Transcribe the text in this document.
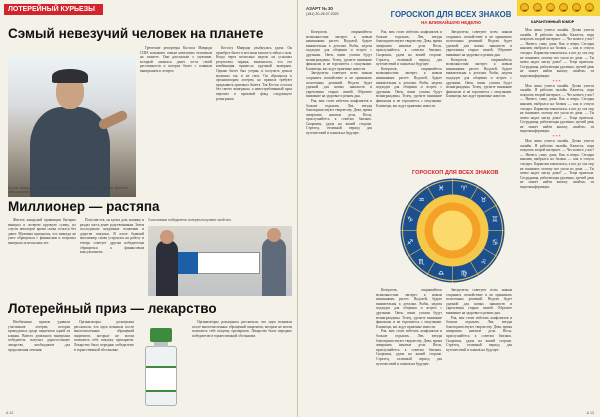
ЛОТЕРЕЙНЫЙ КУРЬЕЗЫ
Сэмый невезучий человек на планете

Греческие репортеры Костаса Мавроди США называют самым невезучим человеком на планете. Они рассказали о мужчине, который лишился денег из-за своей рассеянности и потерял билет с главным выигрышем в лотерее.

Костасу Мавроди улыбнулась удача. Он приобрел билет в местном киоске и забыл о нем. Когда через несколько недель он услышал результаты тиража, выяснилось, что его комбинация принесла крупный выигрыш. Однако билет был утерян, и получить деньги мужчина так и не смог. Он обращался к организаторам лотереи, но правила требуют предъявить оригинал билета. Так Костас остался без своего выигрыша, а невостребованный приз перешел в призовой фонд следующего розыгрыша.

Костас Мавроди признавался в интервью, что до сих пор не может простить себе рассеянность.
Миллионер — растяпа

Житель канадской провинции Онтарио выиграл в лотерею крупную сумму, но спустя некоторое время снова остался без денег. Мужчина признался, что никогда не умел обращаться с финансами и потратил выигрыш за несколько лет.

Получив чек, он купил дом, машину и раздал часть денег родственникам. Затем последовали неудачные вложения и дорогие покупки. В итоге бывший миллионер снова устроился на работу и теперь советует другим победителям обращаться к финансовым консультантам.

Счастливые победители лотереи получают свой чек.
Лотерейный приз — лекарство

Необычным призом удивили участников лотереи, которая проводилась среди пациентов одной из клиник. Вместо денежного выигрыша победитель получил дорогостоящее лекарство, необходимое для продолжения лечения.

Организаторы розыгрыша рассказали, что идея возникла после многочисленных обращений пациентов, которые не могли позволить себе покупку препаратов. Лекарство было передано победителю в торжественной обстановке.

Организаторы розыгрыша рассказали, что идея возникла после многочисленных обращений пациентов, которые не могли позволить себе покупку препаратов. Лекарство было передано победителю в торжественной обстановке.

А 12
АЗАРТ № 30
(181) 20-26.07.2020	ГОРОСКОП ДЛЯ ВСЕХ ЗНАКОВ
НА БЛИЖАЙШУЮ НЕДЕЛЮ

Козерогов, открывайтесь возможностям: интерес к новым начинаниям растет. Водолей, будьте внимательны к деталям. Рыбы, неделя подходит для общения и встреч с друзьями. Овен, ваши усилия будут вознаграждены. Телец, уделите внимание финансам и не торопитесь с покупками. Близнецы, вас ждут приятные новости.

Звездочеты советуют всем знакам сохранять спокойствие и не принимать поспешных решений. Неделя будет удачной для новых знакомств и укрепления старых связей. Обратите внимание на здоровье и режим дня.

Рак, вам стоит избегать конфликтов и больше отдыхать. Лев, звезды благоприятствуют творчеству. Дева, время завершить начатые дела. Весы, прислушайтесь к советам близких. Скорпион, удача на вашей стороне. Стрелец, отличный период для путешествий и планов на будущее.

Рак, вам стоит избегать конфликтов и больше отдыхать. Лев, звезды благоприятствуют творчеству. Дева, время завершить начатые дела. Весы, прислушайтесь к советам близких. Скорпион, удача на вашей стороне. Стрелец, отличный период для путешествий и планов на будущее.

Козерогов, открывайтесь возможностям: интерес к новым начинаниям растет. Водолей, будьте внимательны к деталям. Рыбы, неделя подходит для общения и встреч с друзьями. Овен, ваши усилия будут вознаграждены. Телец, уделите внимание финансам и не торопитесь с покупками. Близнецы, вас ждут приятные новости.

Звездочеты советуют всем знакам сохранять спокойствие и не принимать поспешных решений. Неделя будет удачной для новых знакомств и укрепления старых связей. Обратите внимание на здоровье и режим дня.

Козерогов, открывайтесь возможностям: интерес к новым начинаниям растет. Водолей, будьте внимательны к деталям. Рыбы, неделя подходит для общения и встреч с друзьями. Овен, ваши усилия будут вознаграждены. Телец, уделите внимание финансам и не торопитесь с покупками. Близнецы, вас ждут приятные новости.

ГОРОСКОП ДЛЯ ВСЕХ ЗНАКОВ
♈
♉
♊
♋
♌
♍
♎
♏
♐
♑
♒
♓

Козерогов, открывайтесь возможностям: интерес к новым начинаниям растет. Водолей, будьте внимательны к деталям. Рыбы, неделя подходит для общения и встреч с друзьями. Овен, ваши усилия будут вознаграждены. Телец, уделите внимание финансам и не торопитесь с покупками. Близнецы, вас ждут приятные новости.

Рак, вам стоит избегать конфликтов и больше отдыхать. Лев, звезды благоприятствуют творчеству. Дева, время завершить начатые дела. Весы, прислушайтесь к советам близких. Скорпион, удача на вашей стороне. Стрелец, отличный период для путешествий и планов на будущее.

Звездочеты советуют всем знакам сохранять спокойствие и не принимать поспешных решений. Неделя будет удачной для новых знакомств и укрепления старых связей. Обратите внимание на здоровье и режим дня.

Рак, вам стоит избегать конфликтов и больше отдыхать. Лев, звезды благоприятствуют творчеству. Дева, время завершить начатые дела. Весы, прислушайтесь к советам близких. Скорпион, удача на вашей стороне. Стрелец, отличный период для путешествий и планов на будущее.

КАРАНТИННЫЙ ЮМОР

Моя жена учится онлайн. Дочка учится онлайн. Я работаю онлайн. Кажется, пора покупать второй интернет. — Что нового у вас? — Ничего, сижу дома. Как и вчера. Сегодня наконец выбрался на балкон — как в отпуск съездил. Карантин закончился, а кот до сих пор не понимает, почему все ушли из дома. — Ты зачем надел маску дома? — Тещa приехала. Сотрудница, работающая удаленно, третий день не может найти кнопку «выйти» из видеоконференции.

***

Моя жена учится онлайн. Дочка учится онлайн. Я работаю онлайн. Кажется, пора покупать второй интернет. — Что нового у вас? — Ничего, сижу дома. Как и вчера. Сегодня наконец выбрался на балкон — как в отпуск съездил. Карантин закончился, а кот до сих пор не понимает, почему все ушли из дома. — Ты зачем надел маску дома? — Тещa приехала. Сотрудница, работающая удаленно, третий день не может найти кнопку «выйти» из видеоконференции.

***

Моя жена учится онлайн. Дочка учится онлайн. Я работаю онлайн. Кажется, пора покупать второй интернет. — Что нового у вас? — Ничего, сижу дома. Как и вчера. Сегодня наконец выбрался на балкон — как в отпуск съездил. Карантин закончился, а кот до сих пор не понимает, почему все ушли из дома. — Ты зачем надел маску дома? — Тещa приехала. Сотрудница, работающая удаленно, третий день не может найти кнопку «выйти» из видеоконференции.

А 13
